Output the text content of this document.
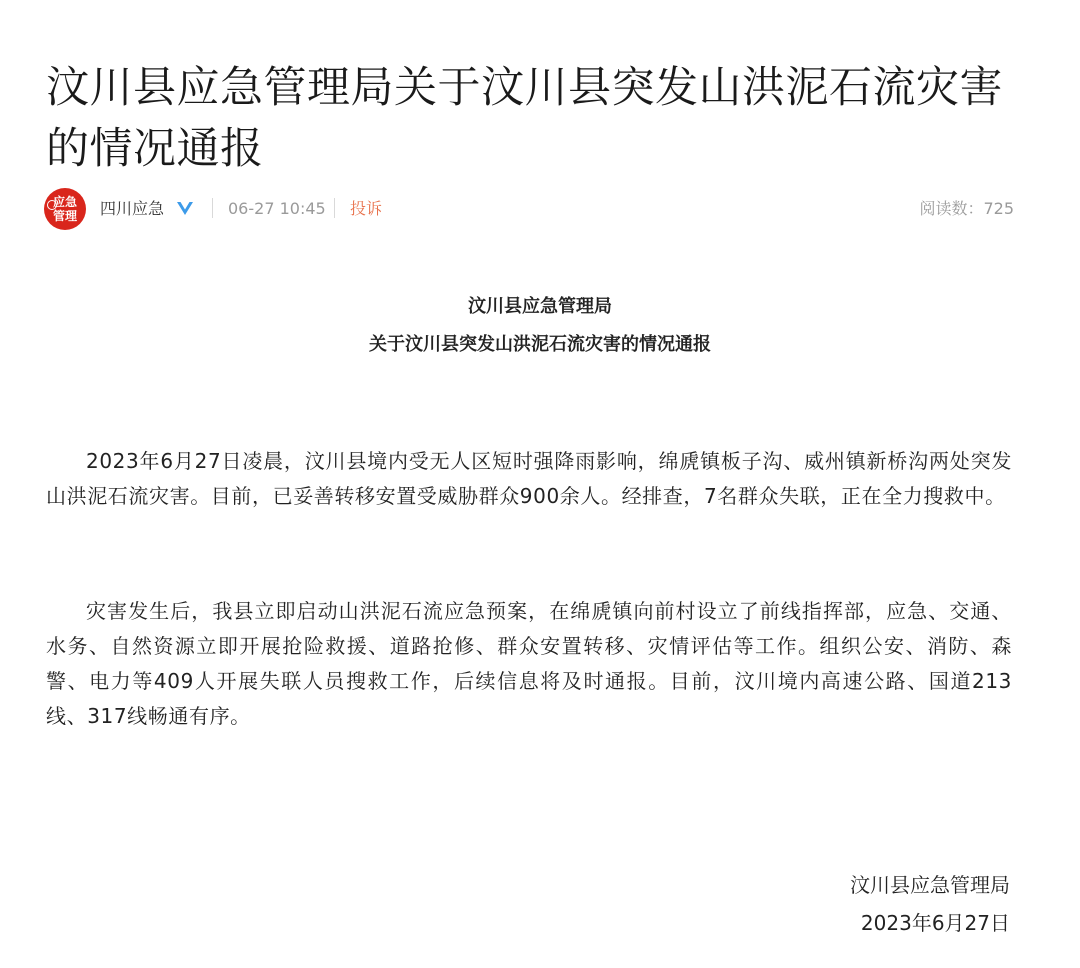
汶川县应急管理局关于汶川县突发山洪泥石流灾害的情况通报
应急管理 四川应急	06-27 10:45 投诉	阅读数：725

汶川县应急管理局

关于汶川县突发山洪泥石流灾害的情况通报

2023年6月27日凌晨，汶川县境内受无人区短时强降雨影响，绵虒镇板子沟、威州镇新桥沟两处突发山洪泥石流灾害。目前，已妥善转移安置受威胁群众900余人。经排查，7名群众失联，正在全力搜救中。

灾害发生后，我县立即启动山洪泥石流应急预案，在绵虒镇向前村设立了前线指挥部，应急、交通、水务、自然资源立即开展抢险救援、道路抢修、群众安置转移、灾情评估等工作。组织公安、消防、森警、电力等409人开展失联人员搜救工作，后续信息将及时通报。目前，汶川境内高速公路、国道213 线、317线畅通有序。

汶川县应急管理局
2023年6月27日
